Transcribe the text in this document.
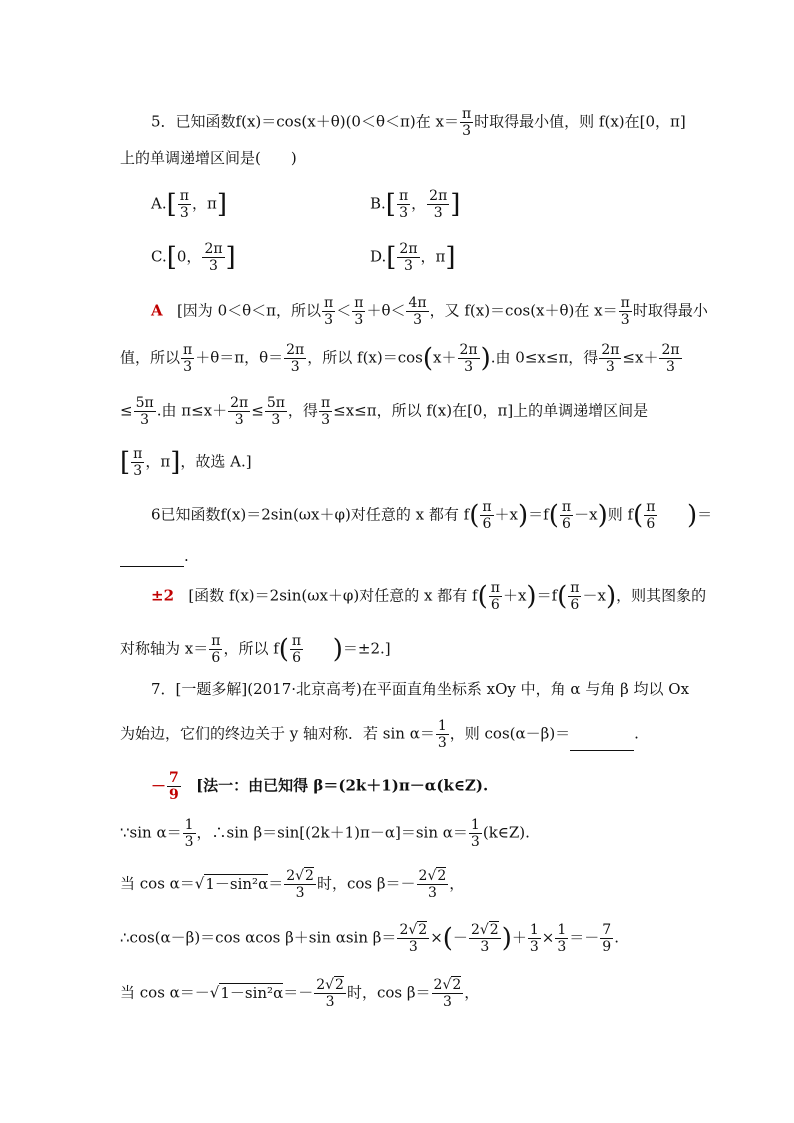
5．已知函数f(x)＝cos(x＋θ)(0＜θ＜π)在 $x= \frac{\pi}{3}$ 时取得最小值，则 f(x)在[0，π]
上的单调递增区间是(　　)
$A.[ \frac{\pi}{3}$ ，π]	$B.[ \frac{\pi}{3}$ ， $\frac{2\pi}{3}$ ]
C.[0， $\frac{2\pi}{3}$ ]	$D.[ \frac{2\pi}{3}$ ，π]
A [因为 0＜θ＜π，所以 $\frac{\pi}{3} < \frac{\pi}{3} +\theta< \frac{4\pi}{3}$ ，又 f(x)＝cos(x＋θ)在 $x= \frac{\pi}{3}$ 时取得最小
值，所以 $\frac{\pi}{3} +\theta=\pi$，$\theta= \frac{2\pi}{3}$ ，所以 $f(x)=\cos(x+ \frac{2\pi}{3}$ ).由 0≤x≤π，得 $\frac{2\pi}{3} \le x+ \frac{2\pi}{3}$
≤ $\frac{5\pi}{3}$ .由 $\pi\le x+ \frac{2\pi}{3} \le \frac{5\pi}{3}$ ，得 $\frac{\pi}{3} \le x\le\pi$，所以 f(x)在[0，π]上的单调递增区间是
[ $\frac{\pi}{3}$ ，π]，故选 A.]
6已知函数f(x)＝2sin(ωx＋φ)对任意的 x 都有 $f( \frac{\pi}{6} +x)=f( \frac{\pi}{6} -x)$则 $f( \frac{\pi}{6}$ )＝
.
±2 [函数 f(x)＝2sin(ωx＋φ)对任意的 x 都有 $f( \frac{\pi}{6} +x)=f( \frac{\pi}{6} -x)$，则其图象的
对称轴为 $x= \frac{\pi}{6}$ ，所以 $f( \frac{\pi}{6} )=\pm 2$.]
7．[一题多解](2017·北京高考)在平面直角坐标系 xOy 中，角 α 与角 β 均以 Ox
为始边，它们的终边关于 y 轴对称．若 $\sin \alpha= \frac{1}{3}$ ，则 cos(α－β)＝	.
－ $\frac{7}{9}$ [法一：由已知得 β＝(2k＋1)π－α(k∈Z).
∵sin $\alpha= \frac{1}{3}$ ，∴sin β＝sin[(2k＋1)π－α]＝sin $\alpha= \frac{1}{3}$ (k∈Z).
当 $\cos \alpha=√1-\sin^2\alpha= \frac{2√2}{3}$ 时，$\cos \beta=- \frac{2√2}{3}$ ，
∴cos(α－β)＝cos αcos β＋sin αsin $\beta= \frac{2√2}{3}$ ×(－ $\frac{2√2}{3}$ )＋ $\frac{1}{3} \times \frac{1}{3} =- \frac{7}{9}$ .
当 $\cos \alpha=-√1-\sin^2\alpha=- \frac{2√2}{3}$ 时，$\cos \beta= \frac{2√2}{3}$ ，
